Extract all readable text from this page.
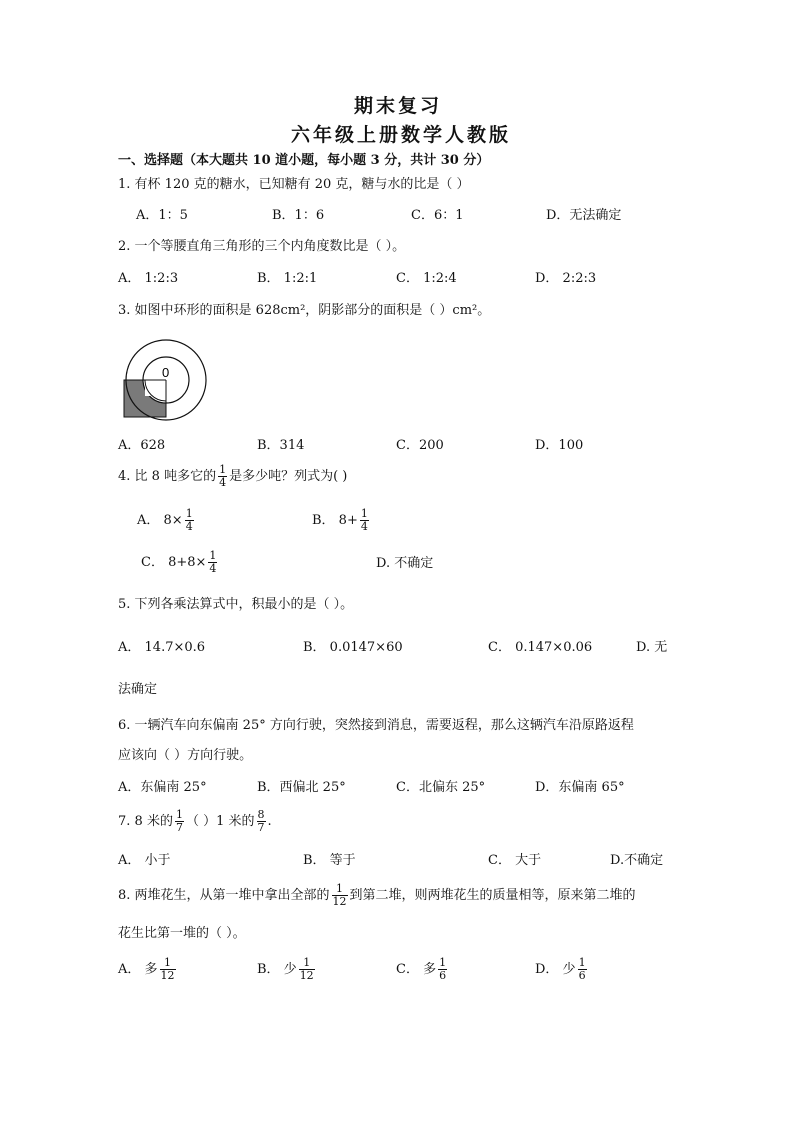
期末复习
六年级上册数学人教版
一、选择题（本大题共 10 道小题，每小题 3 分，共计 30 分）
1. 有杯 120 克的糖水，已知糖有 20 克，糖与水的比是（ ）
A．1：5	B．1：6	C．6：1	D．无法确定
2. 一个等腰直角三角形的三个内角度数比是（ ）。
A． 1:2:3	B． 1:2:1	C． 1:2:4	D． 2:2:3
3. 如图中环形的面积是 628cm²，阴影部分的面积是（ ）cm²。
0
A．628	B．314	C．200	D．100
4. 比 8 吨多它的 $\frac{1}{4}$ 是多少吨？列式为( )
A． $8\times \frac{1}{4}$	B． $8+ \frac{1}{4}$
C． $8+8\times \frac{1}{4}$	D. 不确定
5. 下列各乘法算式中，积最小的是（ ）。
A． 14.7×0.6	B． 0.0147×60	C． 0.147×0.06	D. 无
法确定
6. 一辆汽车向东偏南 25° 方向行驶，突然接到消息，需要返程，那么这辆汽车沿原路返程
应该向（ ）方向行驶。
A．东偏南 25°	B．西偏北 25°	C．北偏东 25°	D．东偏南 65°
7. 8 米的 $\frac{1}{7}$ （ ）1 米的 $\frac{8}{7}$ .
A． 小于	B． 等于	C． 大于	D.不确定
8. 两堆花生，从第一堆中拿出全部的 $\frac{1}{12}$ 到第二堆，则两堆花生的质量相等，原来第二堆的
花生比第一堆的（ ）。
A． 多 $\frac{1}{12}$	B． 少 $\frac{1}{12}$	C． 多 $\frac{1}{6}$	D． 少 $\frac{1}{6}$
